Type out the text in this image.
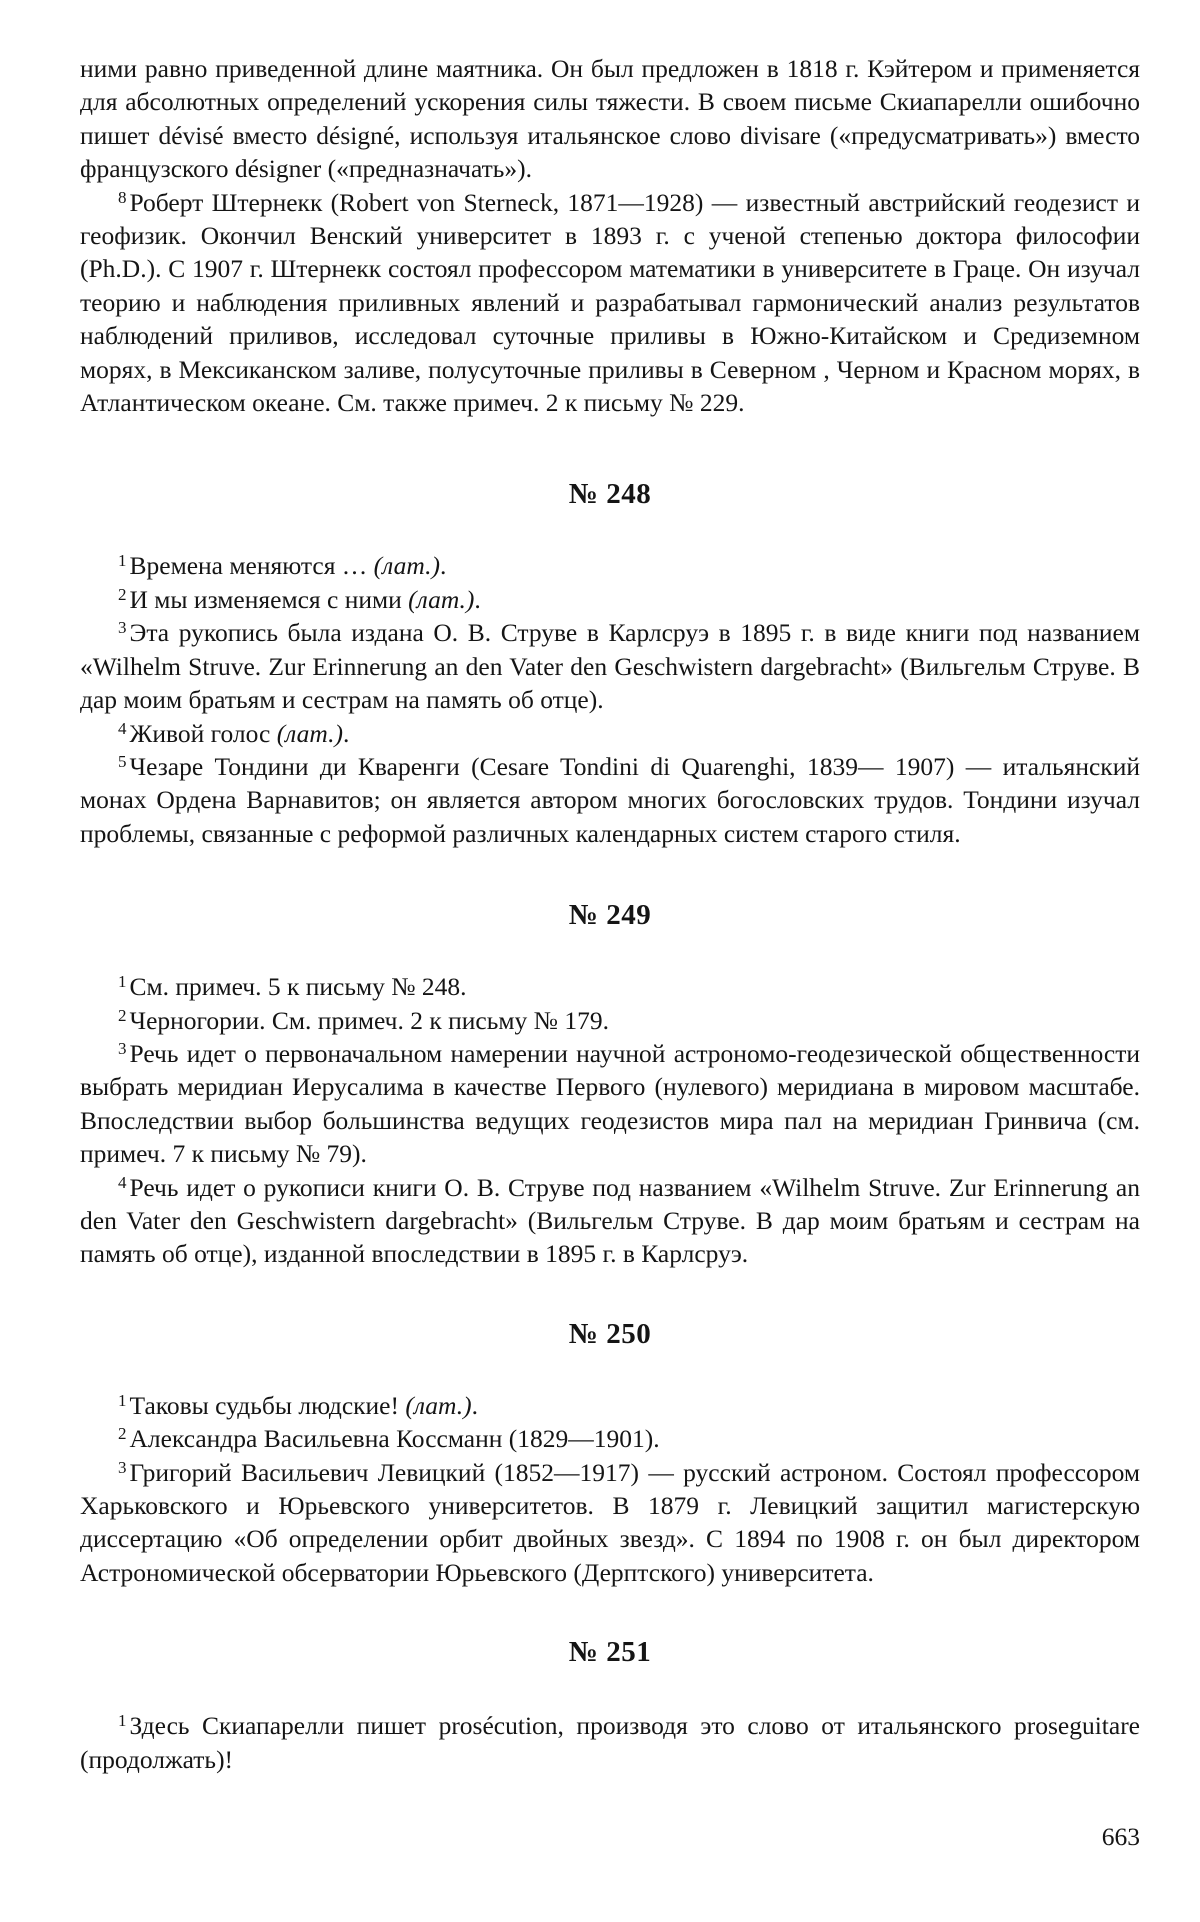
ними равно приведенной длине маятника. Он был предложен в 1818 г. Кэйтером и применяется для абсолютных определений ускорения силы тяжести. В своем письме Скиапарелли ошибочно пишет dévisé вместо désigné, используя итальянское слово divisare («предусматривать») вместо французского désigner («предназначать»).

$^8$ Роберт Штернекк (Robert von Sterneck, 1871—1928) — известный австрийский геодезист и геофизик. Окончил Венский университет в 1893 г. с ученой степенью доктора философии (Ph.D.). С 1907 г. Штернекк состоял профессором математики в университете в Граце. Он изучал теорию и наблюдения приливных явлений и разрабатывал гармонический анализ результатов наблюдений приливов, исследовал суточные приливы в Южно-Китайском и Средиземном морях, в Мексиканском заливе, полусуточные приливы в Северном , Черном и Красном морях, в Атлантическом океане. См. также примеч. 2 к письму № 229.

№ 248

$^1$ Времена меняются … (лат.).

$^2$ И мы изменяемся с ними (лат.).

$^3$ Эта рукопись была издана О. В. Струве в Карлсруэ в 1895 г. в виде книги под названием «Wilhelm Struve. Zur Erinnerung an den Vater den Geschwistern dargebracht» (Вильгельм Струве. В дар моим братьям и сестрам на память об отце).

$^4$ Живой голос (лат.).

$^5$ Чезаре Тондини ди Кваренги (Cesare Tondini di Quarenghi, 1839— 1907) — итальянский монах Ордена Варнавитов; он является автором многих богословских трудов. Тондини изучал проблемы, связанные с реформой различных календарных систем старого стиля.

№ 249

$^1$ См. примеч. 5 к письму № 248.

$^2$ Черногории. См. примеч. 2 к письму № 179.

$^3$ Речь идет о первоначальном намерении научной астрономо-геодезической общественности выбрать меридиан Иерусалима в качестве Первого (нулевого) меридиана в мировом масштабе. Впоследствии выбор большинства ведущих геодезистов мира пал на меридиан Гринвича (см. примеч. 7 к письму № 79).

$^4$ Речь идет о рукописи книги О. В. Струве под названием «Wilhelm Struve. Zur Erinnerung an den Vater den Geschwistern dargebracht» (Вильгельм Струве. В дар моим братьям и сестрам на память об отце), изданной впоследствии в 1895 г. в Карлсруэ.

№ 250

$^1$ Таковы судьбы людские! (лат.).

$^2$ Александра Васильевна Коссманн (1829—1901).

$^3$ Григорий Васильевич Левицкий (1852—1917) — русский астроном. Состоял профессором Харьковского и Юрьевского университетов. В 1879 г. Левицкий защитил магистерскую диссертацию «Об определении орбит двойных звезд». С 1894 по 1908 г. он был директором Астрономической обсерватории Юрьевского (Дерптского) университета.

№ 251

$^1$ Здесь Скиапарелли пишет prosécution, производя это слово от итальянского proseguitare (продолжать)!

663
